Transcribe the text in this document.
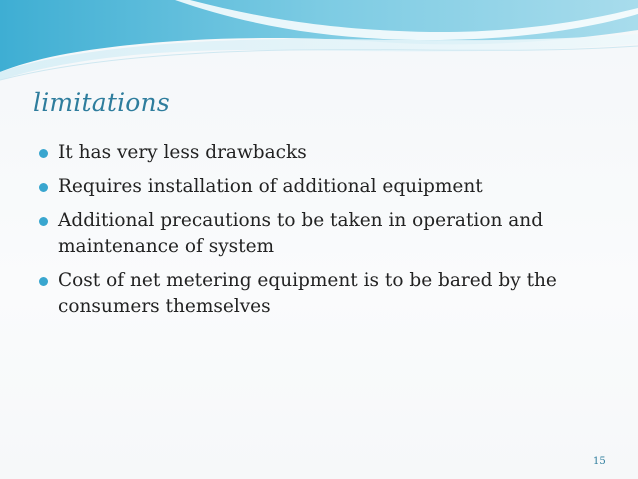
limitations
It has very less drawbacks
Requires installation of additional equipment
Additional precautions to be taken in operation and maintenance of system
Cost of net metering equipment is to be bared by the consumers themselves
15
